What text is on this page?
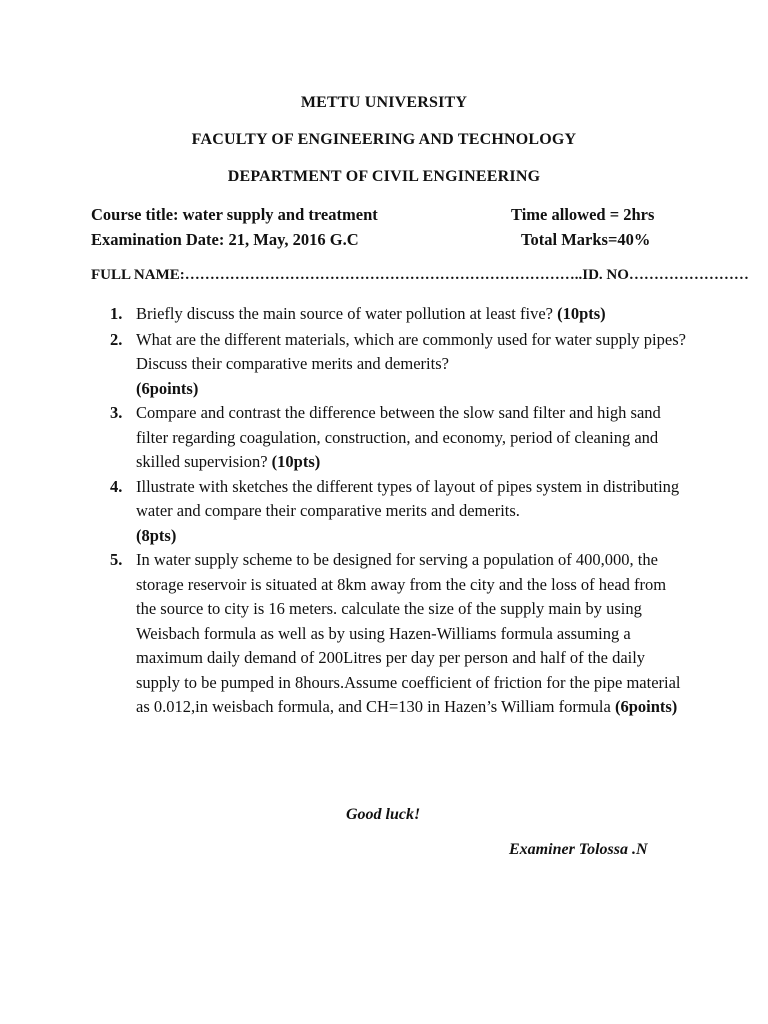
METTU UNIVERSITY
FACULTY OF ENGINEERING AND TECHNOLOGY
DEPARTMENT OF CIVIL ENGINEERING
Course title: water supply and treatment	Time allowed = 2hrs
Examination Date: 21, May, 2016 G.C	Total Marks=40%
FULL NAME:……………………………………………………………………..ID. NO……………………
1. Briefly discuss the main source of water pollution at least five? (10pts)
2. What are the different materials, which are commonly used for water supply pipes? Discuss their comparative merits and demerits?
(6points)
3. Compare and contrast the difference between the slow sand filter and high sand filter regarding coagulation, construction, and economy, period of cleaning and skilled supervision? (10pts)
4. Illustrate with sketches the different types of layout of pipes system in distributing water and compare their comparative merits and demerits.
(8pts)
5. In water supply scheme to be designed for serving a population of 400,000, the storage reservoir is situated at 8km away from the city and the loss of head from the source to city is 16 meters. calculate the size of the supply main by using Weisbach formula as well as by using Hazen-Williams formula assuming a maximum daily demand of 200Litres per day per person and half of the daily supply to be pumped in 8hours.Assume coefficient of friction for the pipe material as 0.012,in weisbach formula, and CH=130 in Hazen’s William formula (6points)
Good luck!
Examiner Tolossa .N
